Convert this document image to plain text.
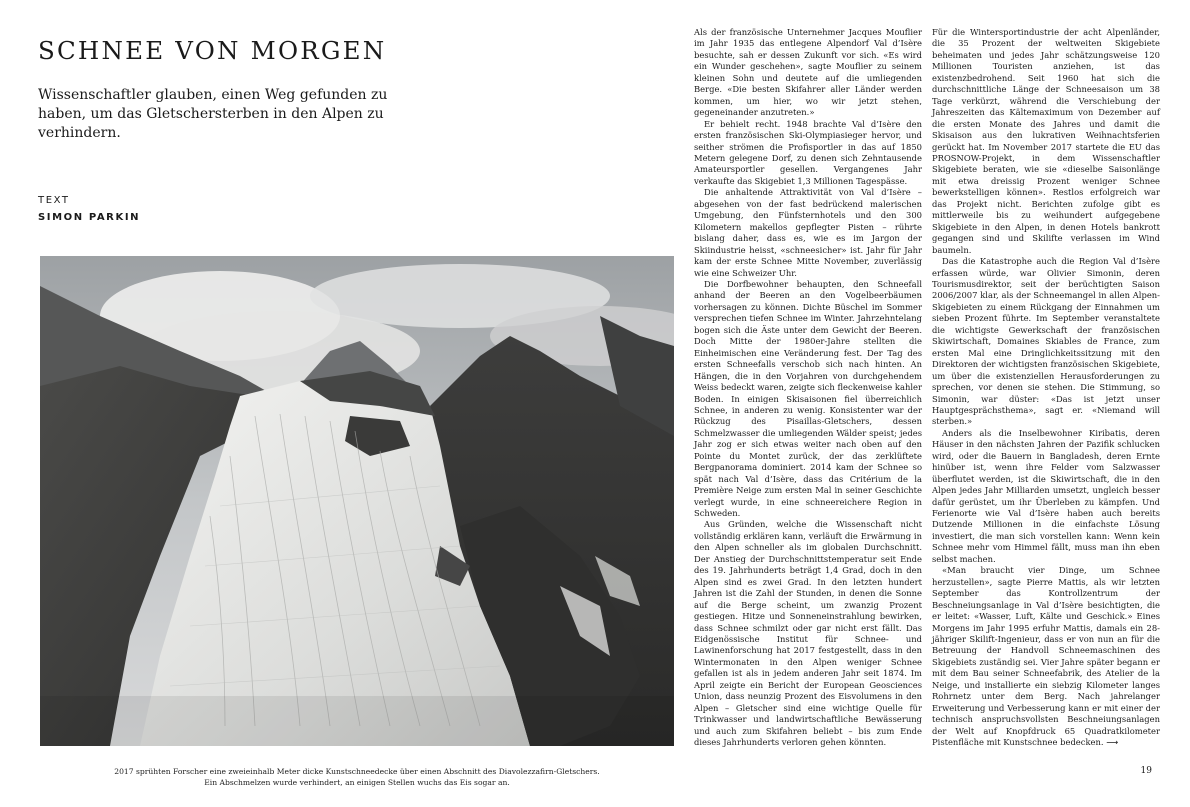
SCHNEE VON MORGEN

Wissenschaftler glauben, einen Weg gefunden zu haben, um das Gletschersterben in den Alpen zu verhindern.

TEXT
SIMON PARKIN
2017 sprühten Forscher eine zweieinhalb Meter dicke Kunstschneedecke über einen Abschnitt des Diavolezzafirn-Gletschers.
Ein Abschmelzen wurde verhindert, an einigen Stellen wuchs das Eis sogar an.

Als der französische Unternehmer Jacques Mouflier im Jahr 1935 das entlegene Alpendorf Val d’Isère besuchte, sah er dessen Zukunft vor sich. «Es wird ein Wunder geschehen», sagte Mouflier zu seinem kleinen Sohn und deutete auf die umliegenden Berge. «Die besten Skifahrer aller Länder werden kommen, um hier, wo wir jetzt stehen, gegeneinander anzutreten.»

Er behielt recht. 1948 brachte Val d’Isère den ersten französischen Ski-Olympiasieger hervor, und seither strömen die Profisportler in das auf 1850 Metern gelegene Dorf, zu denen sich Zehntausende Amateursportler gesellen. Vergangenes Jahr verkaufte das Skigebiet 1,3 Millionen Tagespässe.

Die anhaltende Attraktivität von Val d’Isère – abgesehen von der fast bedrückend malerischen Umgebung, den Fünfsternhotels und den 300 Kilometern makellos gepflegter Pisten – rührte bislang daher, dass es, wie es im Jargon der Skiindustrie heisst, «schneesicher» ist. Jahr für Jahr kam der erste Schnee Mitte November, zuverlässig wie eine Schweizer Uhr.

Die Dorfbewohner behaupten, den Schneefall anhand der Beeren an den Vogelbeerbäumen vorhersagen zu können. Dichte Büschel im Sommer versprechen tiefen Schnee im Winter. Jahrzehntelang bogen sich die Äste unter dem Gewicht der Beeren. Doch Mitte der 1980er-Jahre stellten die Einheimischen eine Veränderung fest. Der Tag des ersten Schneefalls verschob sich nach hinten. An Hängen, die in den Vorjahren von durchgehendem Weiss bedeckt waren, zeigte sich fleckenweise kahler Boden. In einigen Skisaisonen fiel überreichlich Schnee, in anderen zu wenig. Konsistenter war der Rückzug des Pisaillas-Gletschers, dessen Schmelzwasser die umliegenden Wälder speist; jedes Jahr zog er sich etwas weiter nach oben auf den Pointe du Montet zurück, der das zerklüftete Bergpanorama dominiert. 2014 kam der Schnee so spät nach Val d’Isère, dass das Critérium de la Première Neige zum ersten Mal in seiner Geschichte verlegt wurde, in eine schneereichere Region in Schweden.

Aus Gründen, welche die Wissenschaft nicht vollständig erklären kann, verläuft die Erwärmung in den Alpen schneller als im globalen Durchschnitt. Der Anstieg der Durchschnittstemperatur seit Ende des 19. Jahrhunderts beträgt 1,4 Grad, doch in den Alpen sind es zwei Grad. In den letzten hundert Jahren ist die Zahl der Stunden, in denen die Sonne auf die Berge scheint, um zwanzig Prozent gestiegen. Hitze und Sonneneinstrahlung bewirken, dass Schnee schmilzt oder gar nicht erst fällt. Das Eidgenössische Institut für Schnee- und Lawinenforschung hat 2017 festgestellt, dass in den Wintermonaten in den Alpen weniger Schnee gefallen ist als in jedem anderen Jahr seit 1874. Im April zeigte ein Bericht der European Geosciences Union, dass neunzig Prozent des Eisvolumens in den Alpen – Gletscher sind eine wichtige Quelle für Trinkwasser und landwirtschaftliche Bewässerung und auch zum Skifahren beliebt – bis zum Ende dieses Jahrhunderts verloren gehen könnten.

Für die Wintersportindustrie der acht Alpenländer, die 35 Prozent der weltweiten Skigebiete beheimaten und jedes Jahr schätzungsweise 120 Millionen Touristen anziehen, ist das existenzbedrohend. Seit 1960 hat sich die durchschnittliche Länge der Schneesaison um 38 Tage verkürzt, während die Verschiebung der Jahreszeiten das Kältemaximum von Dezember auf die ersten Monate des Jahres und damit die Skisaison aus den lukrativen Weihnachtsferien gerückt hat. Im November 2017 startete die EU das PROSNOW-Projekt, in dem Wissenschaftler Skigebiete beraten, wie sie «dieselbe Saisonlänge mit etwa dreissig Prozent weniger Schnee bewerkstelligen können». Restlos erfolgreich war das Projekt nicht. Berichten zufolge gibt es mittlerweile bis zu weihundert aufgegebene Skigebiete in den Alpen, in denen Hotels bankrott gegangen sind und Skilifte verlassen im Wind baumeln.

Das die Katastrophe auch die Region Val d’Isère erfassen würde, war Olivier Simonin, deren Tourismusdirektor, seit der berüchtigten Saison 2006/2007 klar, als der Schneemangel in allen Alpen-Skigebieten zu einem Rückgang der Einnahmen um sieben Prozent führte. Im September veranstaltete die wichtigste Gewerkschaft der französischen Skiwirtschaft, Domaines Skiables de France, zum ersten Mal eine Dringlichkeitssitzung mit den Direktoren der wichtigsten französischen Skigebiete, um über die existenziellen Herausforderungen zu sprechen, vor denen sie stehen. Die Stimmung, so Simonin, war düster: «Das ist jetzt unser Hauptgesprächsthema», sagt er. «Niemand will sterben.»

Anders als die Inselbewohner Kiribatis, deren Häuser in den nächsten Jahren der Pazifik schlucken wird, oder die Bauern in Bangladesh, deren Ernte hinüber ist, wenn ihre Felder vom Salzwasser überflutet werden, ist die Skiwirtschaft, die in den Alpen jedes Jahr Milliarden umsetzt, ungleich besser dafür gerüstet, um ihr Überleben zu kämpfen. Und Ferienorte wie Val d’Isère haben auch bereits Dutzende Millionen in die einfachste Lösung investiert, die man sich vorstellen kann: Wenn kein Schnee mehr vom Himmel fällt, muss man ihn eben selbst machen.

«Man braucht vier Dinge, um Schnee herzustellen», sagte Pierre Mattis, als wir letzten September das Kontrollzentrum der Beschneiungsanlage in Val d’Isère besichtigten, die er leitet: «Wasser, Luft, Kälte und Geschick.» Eines Morgens im Jahr 1995 erfuhr Mattis, damals ein 28-jähriger Skilift-Ingenieur, dass er von nun an für die Betreuung der Handvoll Schneemaschinen des Skigebiets zuständig sei. Vier Jahre später begann er mit dem Bau seiner Schneefabrik, des Atelier de la Neige, und installierte ein siebzig Kilometer langes Rohrnetz unter dem Berg. Nach jahrelanger Erweiterung und Verbesserung kann er mit einer der technisch anspruchsvollsten Beschneiungsanlagen der Welt auf Knopfdruck 65 Quadratkilometer Pistenfläche mit Kunstschnee bedecken. ⟶

19
